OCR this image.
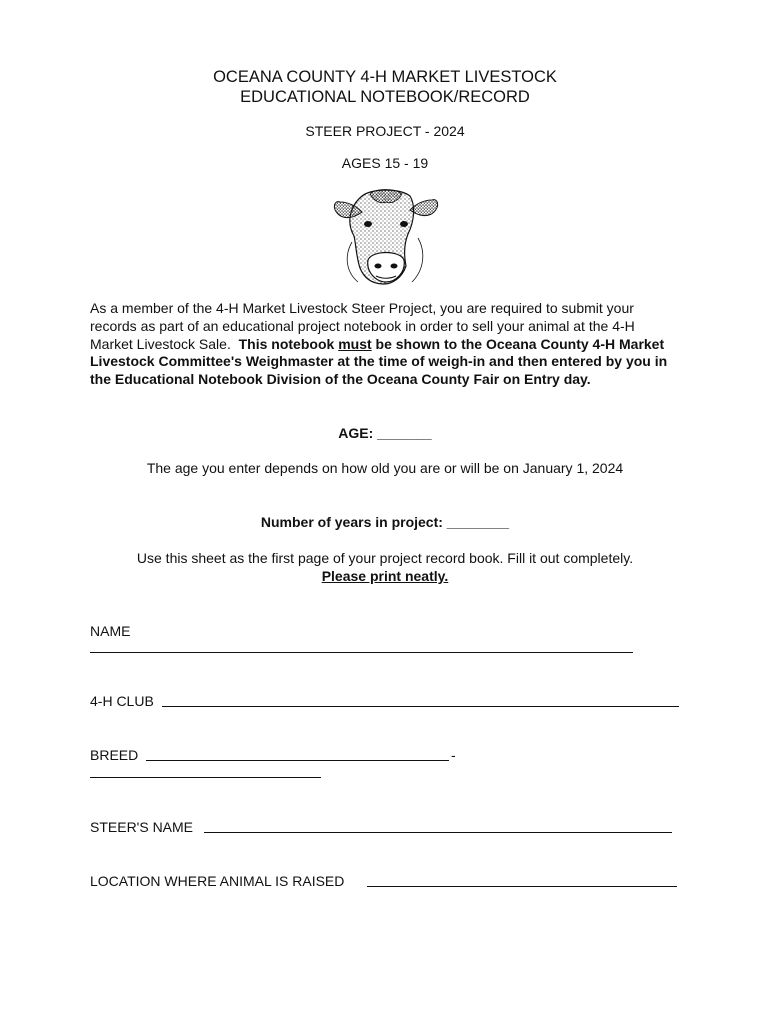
OCEANA COUNTY 4-H MARKET LIVESTOCK
EDUCATIONAL NOTEBOOK/RECORD
STEER PROJECT - 2024
AGES 15 - 19
As a member of the 4-H Market Livestock Steer Project, you are required to submit your records as part of an educational project notebook in order to sell your animal at the 4-H Market Livestock Sale. This notebook must be shown to the Oceana County 4-H Market Livestock Committee's Weighmaster at the time of weigh-in and then entered by you in the Educational Notebook Division of the Oceana County Fair on Entry day.
AGE: _______
The age you enter depends on how old you are or will be on January 1, 2024
Number of years in project: ________
Use this sheet as the first page of your project record book. Fill it out completely.
Please print neatly.
NAME
4-H CLUB
BREED	-
STEER'S NAME
LOCATION WHERE ANIMAL IS RAISED
